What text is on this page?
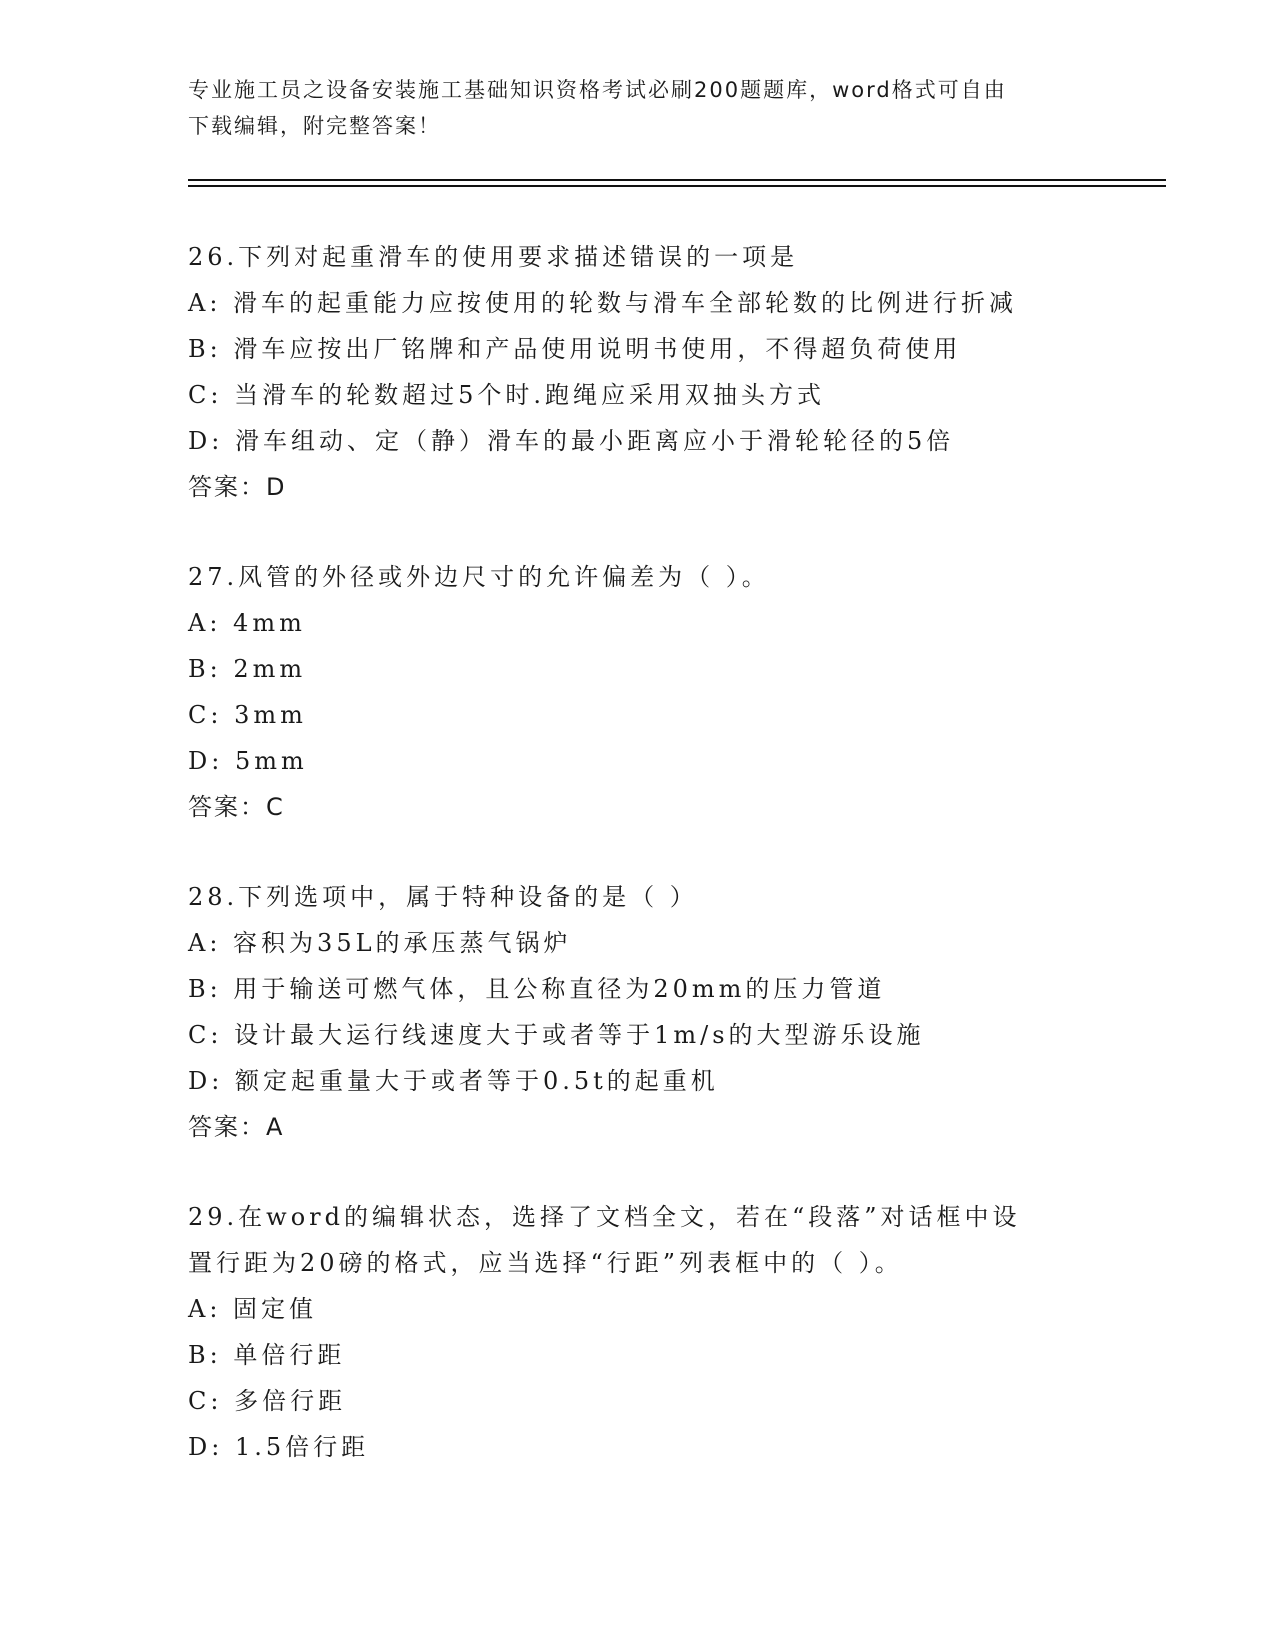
专业施工员之设备安装施工基础知识资格考试必刷200题题库，word格式可自由
下载编辑，附完整答案！
26.下列对起重滑车的使用要求描述错误的一项是
A: 滑车的起重能力应按使用的轮数与滑车全部轮数的比例进行折减
B: 滑车应按出厂铭牌和产品使用说明书使用，不得超负荷使用
C: 当滑车的轮数超过5个时.跑绳应采用双抽头方式
D: 滑车组动、定（静）滑车的最小距离应小于滑轮轮径的5倍
答案：D
27.风管的外径或外边尺寸的允许偏差为（ ）。
A: 4mm
B: 2mm
C: 3mm
D: 5mm
答案：C
28.下列选项中，属于特种设备的是（ ）
A: 容积为35L的承压蒸气锅炉
B: 用于输送可燃气体，且公称直径为20mm的压力管道
C: 设计最大运行线速度大于或者等于1m/s的大型游乐设施
D: 额定起重量大于或者等于0.5t的起重机
答案：A
29.在word的编辑状态，选择了文档全文，若在“段落”对话框中设
置行距为20磅的格式，应当选择“行距”列表框中的（ ）。
A: 固定值
B: 单倍行距
C: 多倍行距
D: 1.5倍行距
